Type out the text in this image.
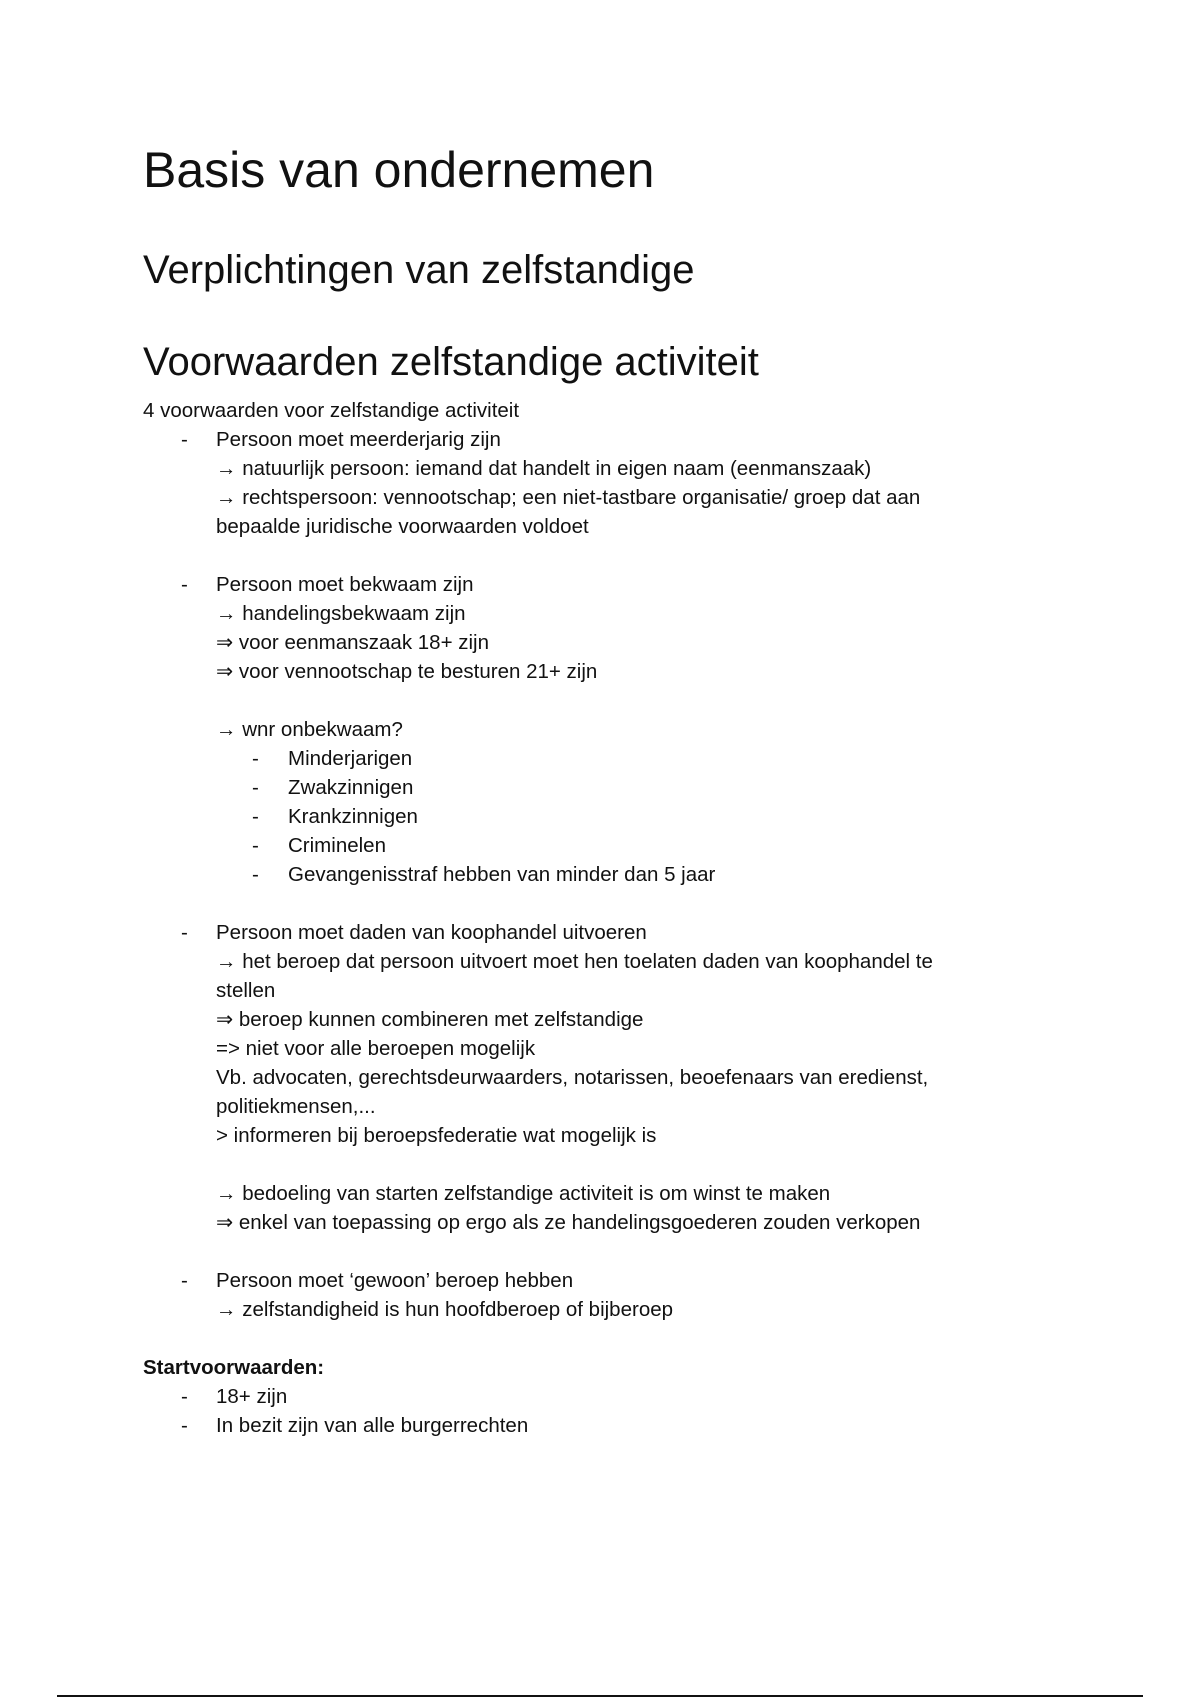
Basis van ondernemen
Verplichtingen van zelfstandige
Voorwaarden zelfstandige activiteit
4 voorwaarden voor zelfstandige activiteit
- Persoon moet meerderjarig zijn
→ natuurlijk persoon: iemand dat handelt in eigen naam (eenmanszaak)
→ rechtspersoon: vennootschap; een niet-tastbare organisatie/ groep dat aan
bepaalde juridische voorwaarden voldoet
- Persoon moet bekwaam zijn
→ handelingsbekwaam zijn
⇒ voor eenmanszaak 18+ zijn
⇒ voor vennootschap te besturen 21+ zijn
→ wnr onbekwaam?
- Minderjarigen
- Zwakzinnigen
- Krankzinnigen
- Criminelen
- Gevangenisstraf hebben van minder dan 5 jaar
- Persoon moet daden van koophandel uitvoeren
→ het beroep dat persoon uitvoert moet hen toelaten daden van koophandel te
stellen
⇒ beroep kunnen combineren met zelfstandige
=> niet voor alle beroepen mogelijk
Vb. advocaten, gerechtsdeurwaarders, notarissen, beoefenaars van eredienst,
politiekmensen,...
> informeren bij beroepsfederatie wat mogelijk is
→ bedoeling van starten zelfstandige activiteit is om winst te maken
⇒ enkel van toepassing op ergo als ze handelingsgoederen zouden verkopen
- Persoon moet ‘gewoon’ beroep hebben
→ zelfstandigheid is hun hoofdberoep of bijberoep
Startvoorwaarden:
- 18+ zijn
- In bezit zijn van alle burgerrechten
